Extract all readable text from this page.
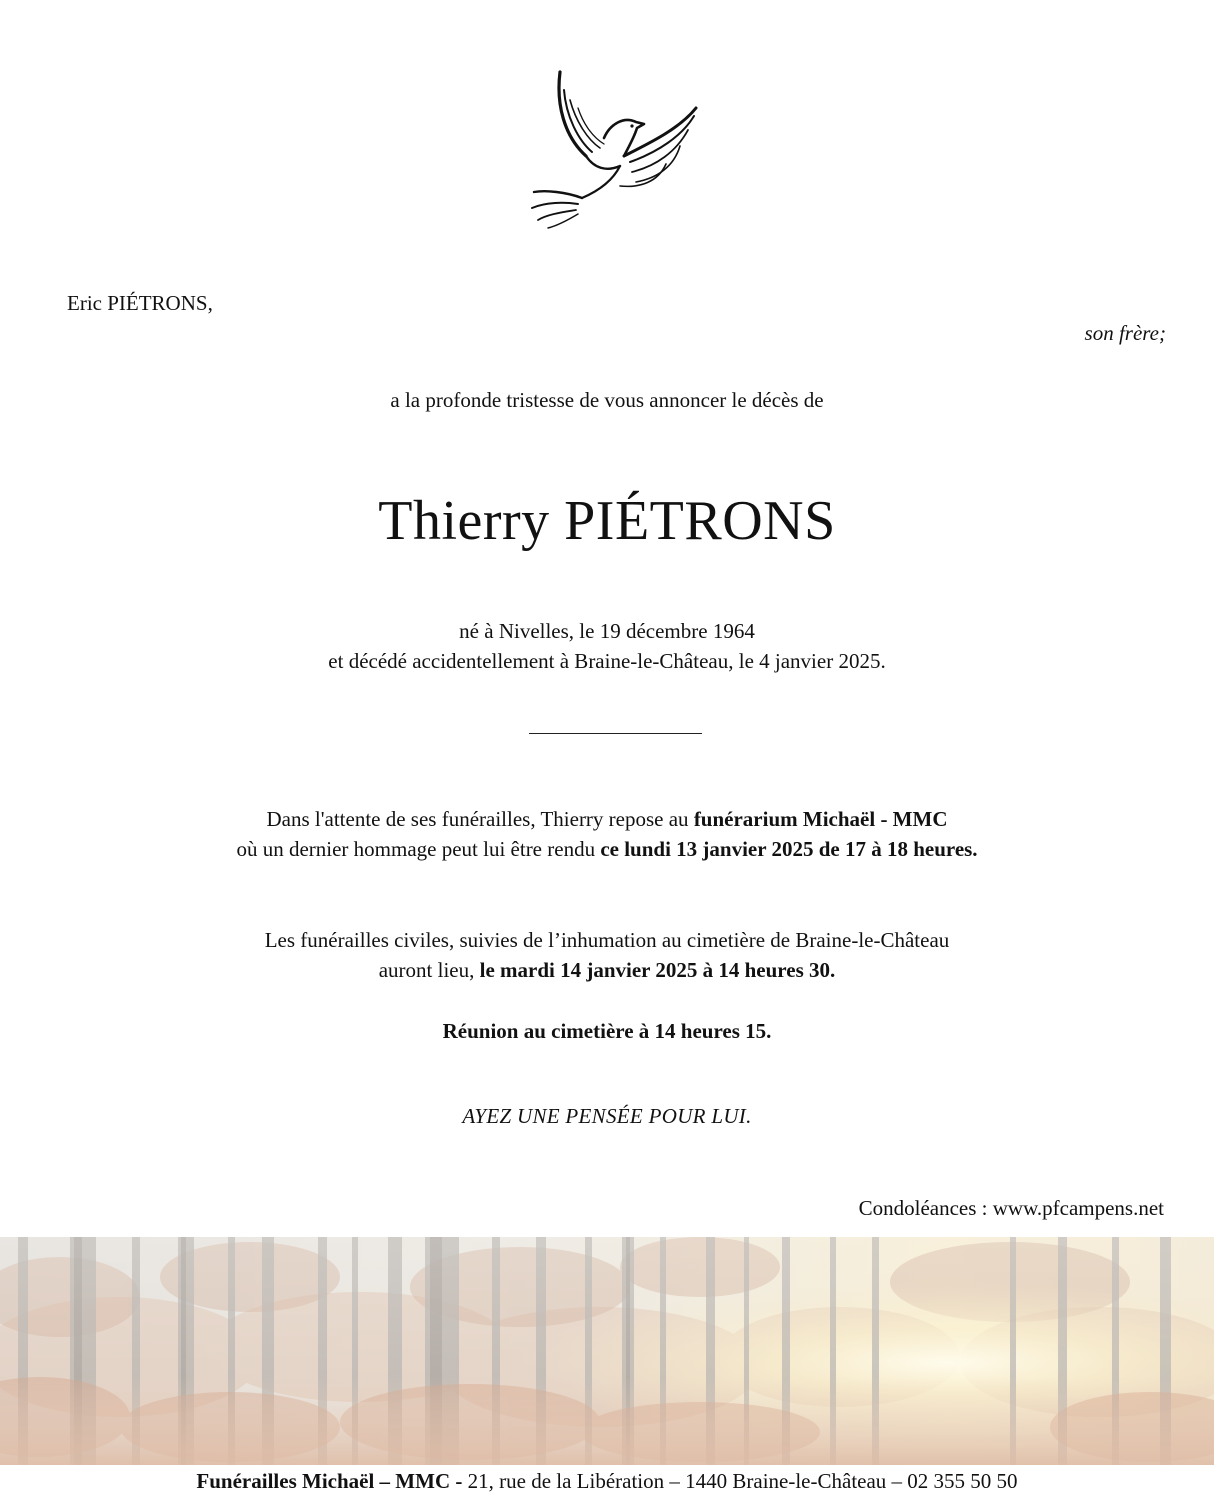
Eric PIÉTRONS,
son frère;
a la profonde tristesse de vous annoncer le décès de
Thierry PIÉTRONS
né à Nivelles, le 19 décembre 1964
et décédé accidentellement à Braine-le-Château, le 4 janvier 2025.
Dans l'attente de ses funérailles, Thierry repose au funérarium Michaël - MMC
où un dernier hommage peut lui être rendu ce lundi 13 janvier 2025 de 17 à 18 heures.
Les funérailles civiles, suivies de l’inhumation au cimetière de Braine-le-Château
auront lieu, le mardi 14 janvier 2025 à 14 heures 30.
Réunion au cimetière à 14 heures 15.
AYEZ UNE PENSÉE POUR LUI.
Condoléances : www.pfcampens.net
Funérailles Michaël – MMC - 21, rue de la Libération – 1440 Braine-le-Château – 02 355 50 50
